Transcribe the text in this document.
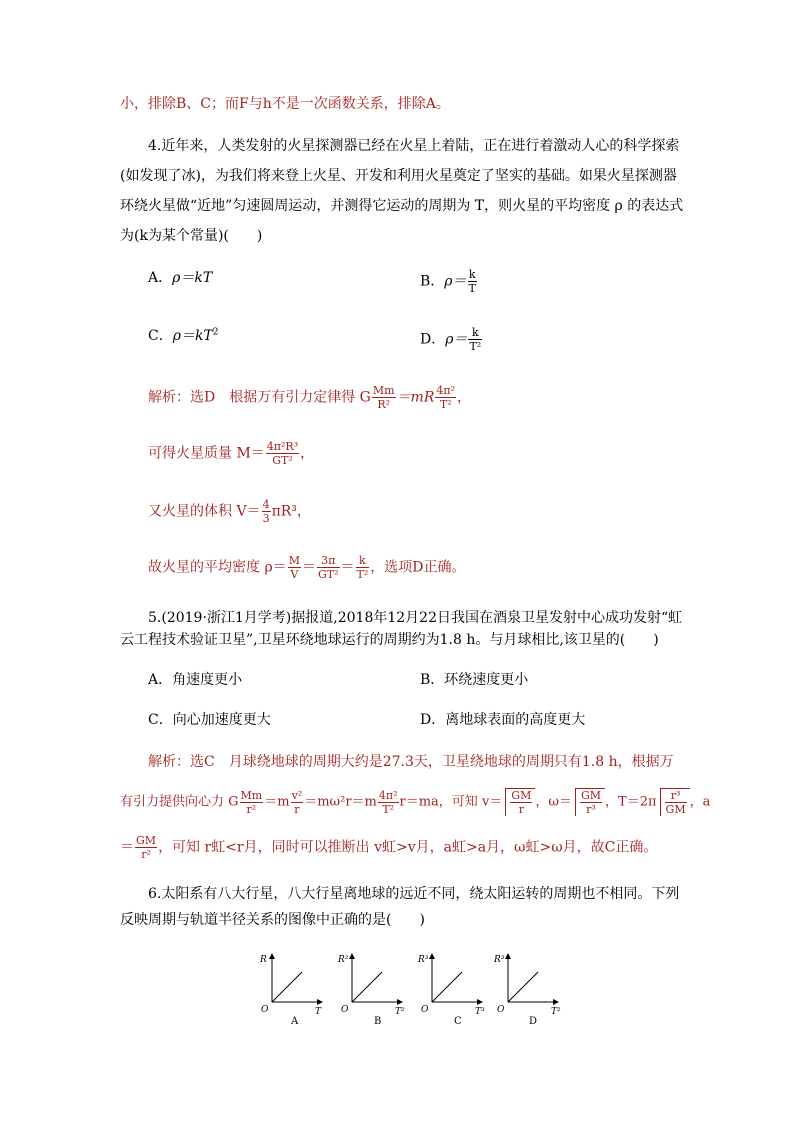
小，排除B、C；而F与h不是一次函数关系，排除A。
4.近年来，人类发射的火星探测器已经在火星上着陆，正在进行着激动人心的科学探索
(如发现了冰)，为我们将来登上火星、开发和利用火星奠定了坚实的基础。如果火星探测器
环绕火星做“近地”匀速圆周运动，并测得它运动的周期为 T，则火星的平均密度 ρ 的表达式
为(k为某个常量)(　　)
A．ρ＝kT	B．$\rho= \frac{k}{T}$
C．$\rho=kT^2$	D．$\rho= \frac{k}{\text{T²}}$
解析：选D　根据万有引力定律得 G $\frac{Mm}{\text{R²}} =mR \frac{\text{4π²}}{\text{T²}}$ ，
可得火星质量 $M= \frac{\text{4π²R³}}{\text{GT²}}$ ，
又火星的体积 $V= \frac{4}{3} \pi R^3$，
故火星的平均密度 $\rho= \frac{M}{V} = \frac{3\pi}{\text{GT²}} = \frac{k}{\text{T²}}$ ，选项D正确。
5.(2019·浙江1月学考)据报道,2018年12月22日我国在酒泉卫星发射中心成功发射“虹
云工程技术验证卫星”,卫星环绕地球运行的周期约为1.8 h。与月球相比,该卫星的(　　)
A．角速度更小	B．环绕速度更小
C．向心加速度更大	D．离地球表面的高度更大
解析：选C　月球绕地球的周期大约是27.3天，卫星绕地球的周期只有1.8 h，根据万
有引力提供向心力 G $\frac{Mm}{\text{r²}} =m \frac{\text{v²}}{r} =m\omega^2r=m \frac{\text{4π²}}{\text{T²}} r=ma$，可知 $v= \frac{GM}{r}$ ，$\omega= \frac{GM}{\text{r³}}$ ，$T=2\pi \frac{\text{r³}}{GM}$ ，a
＝ $\frac{GM}{\text{r²}}$ ，可知 r虹<r月，同时可以推断出 v虹>v月，a虹>a月，ω虹>ω月，故C正确。
6.太阳系有八大行星，八大行星离地球的远近不同，绕太阳运转的周期也不相同。下列
反映周期与轨道半径关系的图像中正确的是(　　)
R
O	T
A
R²
O	T²
B
R³
O	T³
C
R³
O	T²
D
